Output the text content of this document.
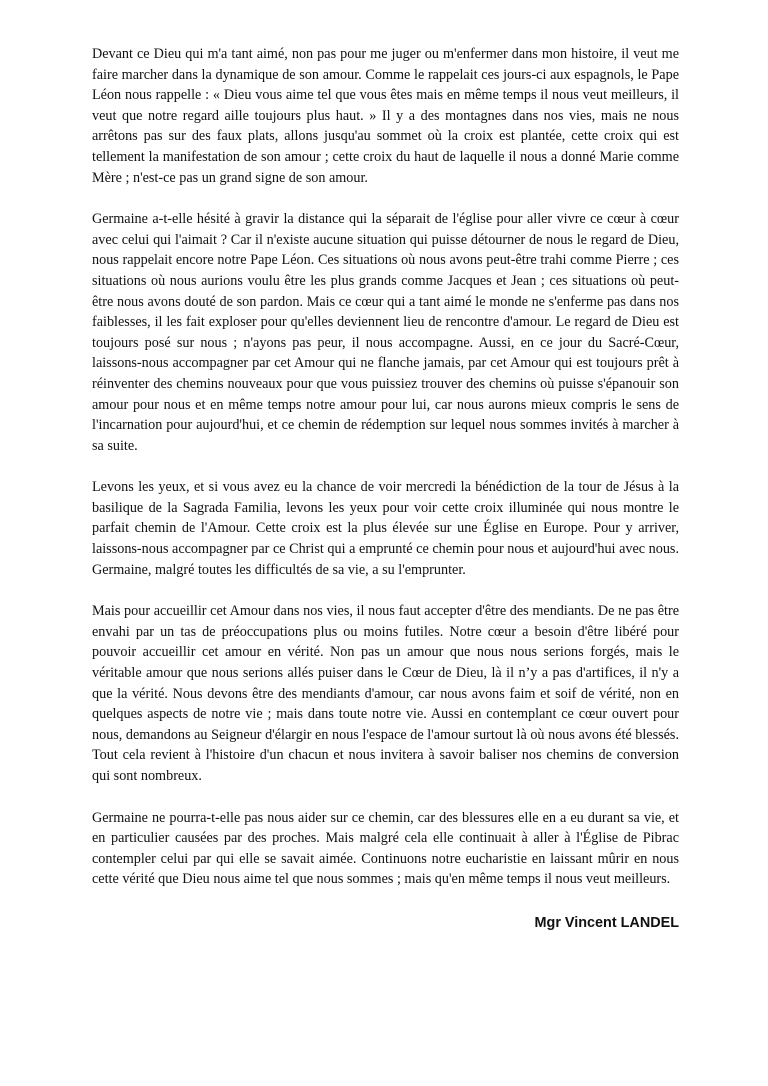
Devant ce Dieu qui m'a tant aimé, non pas pour me juger ou m'enfermer dans mon histoire, il veut me faire marcher dans la dynamique de son amour. Comme le rappelait ces jours-ci aux espagnols, le Pape Léon nous rappelle : « Dieu vous aime tel que vous êtes mais en même temps il nous veut meilleurs, il veut que notre regard aille toujours plus haut. » Il y a des montagnes dans nos vies, mais ne nous arrêtons pas sur des faux plats, allons jusqu'au sommet où la croix est plantée, cette croix qui est tellement la manifestation de son amour ; cette croix du haut de laquelle il nous a donné Marie comme Mère ; n'est-ce pas un grand signe de son amour.

Germaine a-t-elle hésité à gravir la distance qui la séparait de l'église pour aller vivre ce cœur à cœur avec celui qui l'aimait ? Car il n'existe aucune situation qui puisse détourner de nous le regard de Dieu, nous rappelait encore notre Pape Léon. Ces situations où nous avons peut-être trahi comme Pierre ; ces situations où nous aurions voulu être les plus grands comme Jacques et Jean ; ces situations où peut-être nous avons douté de son pardon. Mais ce cœur qui a tant aimé le monde ne s'enferme pas dans nos faiblesses, il les fait exploser pour qu'elles deviennent lieu de rencontre d'amour. Le regard de Dieu est toujours posé sur nous ; n'ayons pas peur, il nous accompagne. Aussi, en ce jour du Sacré-Cœur, laissons-nous accompagner par cet Amour qui ne flanche jamais, par cet Amour qui est toujours prêt à réinventer des chemins nouveaux pour que vous puissiez trouver des chemins où puisse s'épanouir son amour pour nous et en même temps notre amour pour lui, car nous aurons mieux compris le sens de l'incarnation pour aujourd'hui, et ce chemin de rédemption sur lequel nous sommes invités à marcher à sa suite.

Levons les yeux, et si vous avez eu la chance de voir mercredi la bénédiction de la tour de Jésus à la basilique de la Sagrada Familia, levons les yeux pour voir cette croix illuminée qui nous montre le parfait chemin de l'Amour. Cette croix est la plus élevée sur une Église en Europe. Pour y arriver, laissons-nous accompagner par ce Christ qui a emprunté ce chemin pour nous et aujourd'hui avec nous. Germaine, malgré toutes les difficultés de sa vie, a su l'emprunter.

Mais pour accueillir cet Amour dans nos vies, il nous faut accepter d'être des mendiants. De ne pas être envahi par un tas de préoccupations plus ou moins futiles. Notre cœur a besoin d'être libéré pour pouvoir accueillir cet amour en vérité. Non pas un amour que nous nous serions forgés, mais le véritable amour que nous serions allés puiser dans le Cœur de Dieu, là il n’y a pas d'artifices, il n'y a que la vérité. Nous devons être des mendiants d'amour, car nous avons faim et soif de vérité, non en quelques aspects de notre vie ; mais dans toute notre vie. Aussi en contemplant ce cœur ouvert pour nous, demandons au Seigneur d'élargir en nous l'espace de l'amour surtout là où nous avons été blessés. Tout cela revient à l'histoire d'un chacun et nous invitera à savoir baliser nos chemins de conversion qui sont nombreux.

Germaine ne pourra-t-elle pas nous aider sur ce chemin, car des blessures elle en a eu durant sa vie, et en particulier causées par des proches. Mais malgré cela elle continuait à aller à l'Église de Pibrac contempler celui par qui elle se savait aimée. Continuons notre eucharistie en laissant mûrir en nous cette vérité que Dieu nous aime tel que nous sommes ; mais qu'en même temps il nous veut meilleurs.

Mgr Vincent LANDEL
